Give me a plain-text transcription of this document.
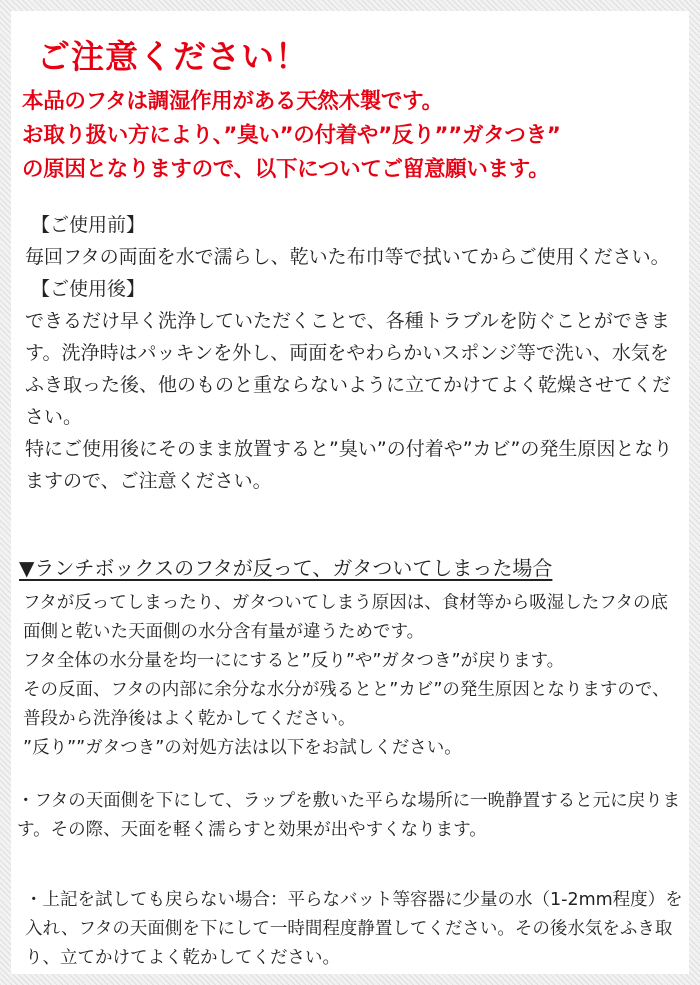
ご注意ください！
本品のフタは調湿作用がある天然木製です。
お取り扱い方により、”臭い”の付着や”反り””ガタつき”
の原因となりますので、以下についてご留意願います。

【ご使用前】

毎回フタの両面を水で濡らし、乾いた布巾等で拭いてからご使用ください。

【ご使用後】

できるだけ早く洗浄していただくことで、各種トラブルを防ぐことができます。洗浄時はパッキンを外し、両面をやわらかいスポンジ等で洗い、水気をふき取った後、他のものと重ならないように立てかけてよく乾燥させてください。

特にご使用後にそのまま放置すると”臭い”の付着や”カビ”の発生原因となりますので、ご注意ください。

▼ランチボックスのフタが反って、ガタついてしまった場合

フタが反ってしまったり、ガタついてしまう原因は、食材等から吸湿したフタの底面側と乾いた天面側の水分含有量が違うためです。

フタ全体の水分量を均一ににすると”反り”や”ガタつき”が戻ります。

その反面、フタの内部に余分な水分が残るとと”カビ”の発生原因となりますので、普段から洗浄後はよく乾かしてください。

”反り””ガタつき”の対処方法は以下をお試しください。

・フタの天面側を下にして、ラップを敷いた平らな場所に一晩静置すると元に戻ります。その際、天面を軽く濡らすと効果が出やすくなります。

・上記を試しても戻らない場合：平らなバット等容器に少量の水（1-2mm程度）を入れ、フタの天面側を下にして一時間程度静置してください。その後水気をふき取り、立てかけてよく乾かしてください。
